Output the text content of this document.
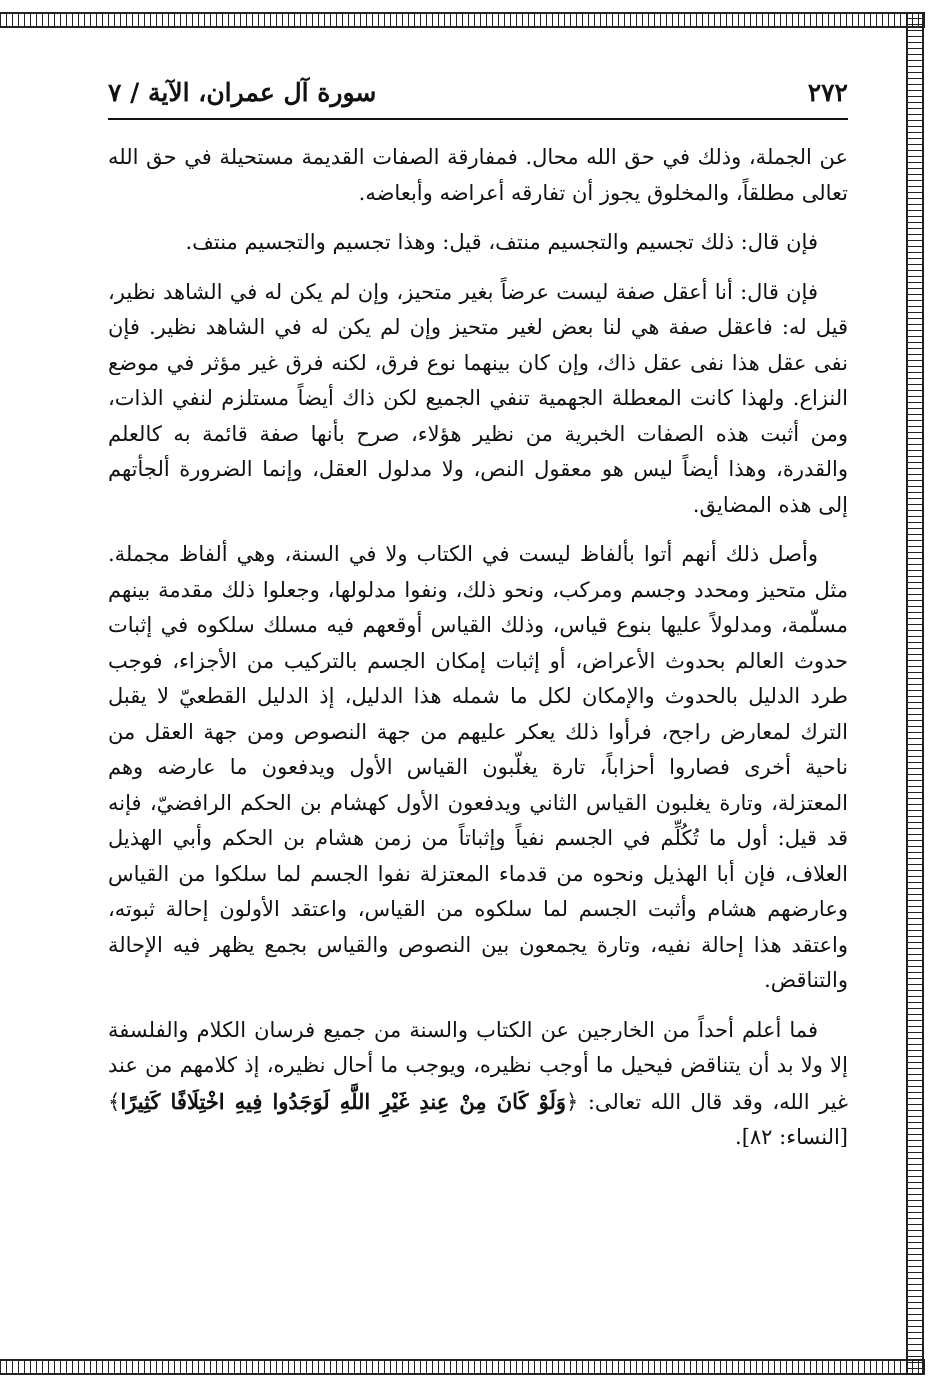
٢٧٢
سورة آل عمران، الآية / ٧

عن الجملة، وذلك في حق الله محال. فمفارقة الصفات القديمة مستحيلة في حق الله تعالى مطلقاً، والمخلوق يجوز أن تفارقه أعراضه وأبعاضه.

فإن قال: ذلك تجسيم والتجسيم منتف، قيل: وهذا تجسيم والتجسيم منتف.

فإن قال: أنا أعقل صفة ليست عرضاً بغير متحيز، وإن لم يكن له في الشاهد نظير، قيل له: فاعقل صفة هي لنا بعض لغير متحيز وإن لم يكن له في الشاهد نظير. فإن نفى عقل هذا نفى عقل ذاك، وإن كان بينهما نوع فرق، لكنه فرق غير مؤثر في موضع النزاع. ولهذا كانت المعطلة الجهمية تنفي الجميع لكن ذاك أيضاً مستلزم لنفي الذات، ومن أثبت هذه الصفات الخبرية من نظير هؤلاء، صرح بأنها صفة قائمة به كالعلم والقدرة، وهذا أيضاً ليس هو معقول النص، ولا مدلول العقل، وإنما الضرورة ألجأتهم إلى هذه المضايق.

وأصل ذلك أنهم أتوا بألفاظ ليست في الكتاب ولا في السنة، وهي ألفاظ مجملة. مثل متحيز ومحدد وجسم ومركب، ونحو ذلك، ونفوا مدلولها، وجعلوا ذلك مقدمة بينهم مسلّمة، ومدلولاً عليها بنوع قياس، وذلك القياس أوقعهم فيه مسلك سلكوه في إثبات حدوث العالم بحدوث الأعراض، أو إثبات إمكان الجسم بالتركيب من الأجزاء، فوجب طرد الدليل بالحدوث والإمكان لكل ما شمله هذا الدليل، إذ الدليل القطعيّ لا يقبل الترك لمعارض راجح، فرأوا ذلك يعكر عليهم من جهة النصوص ومن جهة العقل من ناحية أخرى فصاروا أحزاباً، تارة يغلّبون القياس الأول ويدفعون ما عارضه وهم المعتزلة، وتارة يغلبون القياس الثاني ويدفعون الأول كهشام بن الحكم الرافضيّ، فإنه قد قيل: أول ما تُكُلِّم في الجسم نفياً وإثباتاً من زمن هشام بن الحكم وأبي الهذيل العلاف، فإن أبا الهذيل ونحوه من قدماء المعتزلة نفوا الجسم لما سلكوا من القياس وعارضهم هشام وأثبت الجسم لما سلكوه من القياس، واعتقد الأولون إحالة ثبوته، واعتقد هذا إحالة نفيه، وتارة يجمعون بين النصوص والقياس بجمع يظهر فيه الإحالة والتناقض.

فما أعلم أحداً من الخارجين عن الكتاب والسنة من جميع فرسان الكلام والفلسفة إلا ولا بد أن يتناقض فيحيل ما أوجب نظيره، ويوجب ما أحال نظيره، إذ كلامهم من عند غير الله، وقد قال الله تعالى: ﴿وَلَوْ كَانَ مِنْ عِندِ غَيْرِ اللَّهِ لَوَجَدُوا فِيهِ اخْتِلَافًا كَثِيرًا﴾ [النساء: ٨٢].
